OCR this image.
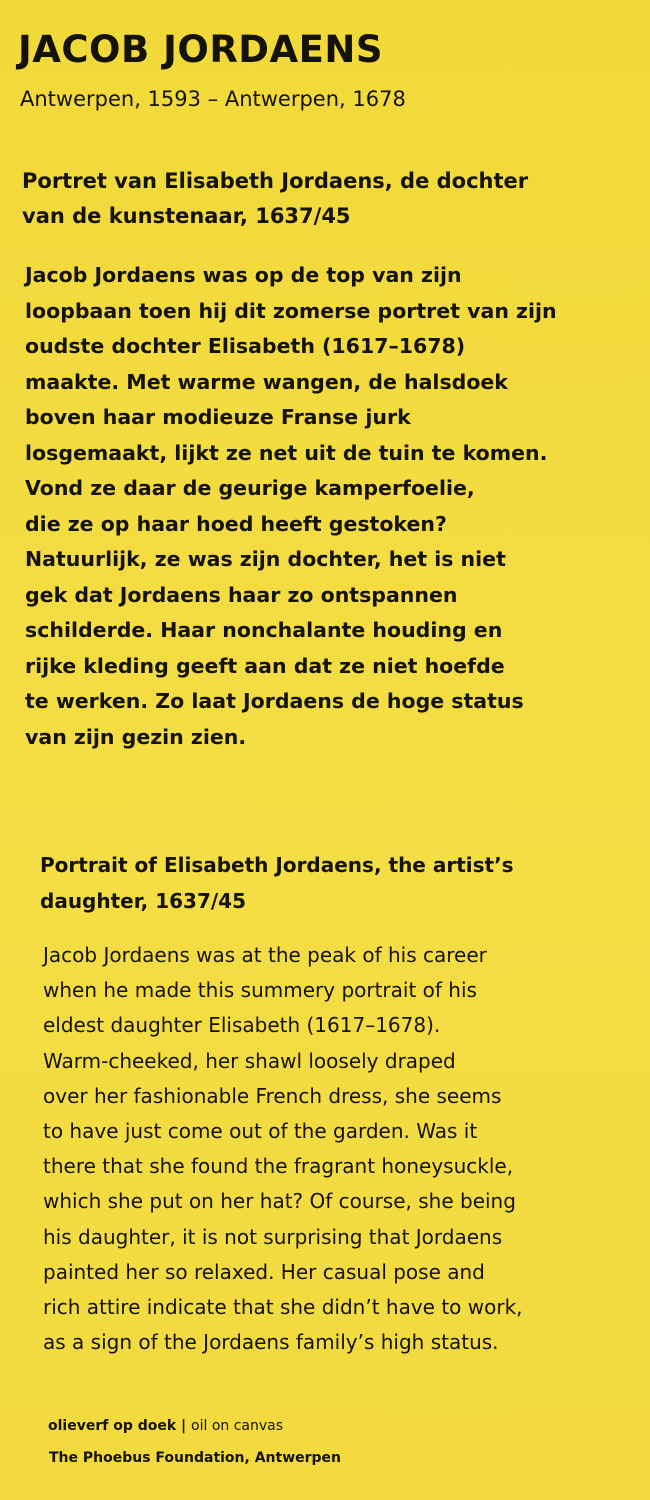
JACOB JORDAENS

Antwerpen, 1593 – Antwerpen, 1678

Portret van Elisabeth Jordaens, de dochter
van de kunstenaar, 1637/45

Jacob Jordaens was op de top van zijn
loopbaan toen hij dit zomerse portret van zijn
oudste dochter Elisabeth (1617–1678)
maakte. Met warme wangen, de halsdoek
boven haar modieuze Franse jurk
losgemaakt, lijkt ze net uit de tuin te komen.
Vond ze daar de geurige kamperfoelie,
die ze op haar hoed heeft gestoken?
Natuurlijk, ze was zijn dochter, het is niet
gek dat Jordaens haar zo ontspannen
schilderde. Haar nonchalante houding en
rijke kleding geeft aan dat ze niet hoefde
te werken. Zo laat Jordaens de hoge status
van zijn gezin zien.

Portrait of Elisabeth Jordaens, the artist’s
daughter, 1637/45

Jacob Jordaens was at the peak of his career
when he made this summery portrait of his
eldest daughter Elisabeth (1617–1678).
Warm-cheeked, her shawl loosely draped
over her fashionable French dress, she seems
to have just come out of the garden. Was it
there that she found the fragrant honeysuckle,
which she put on her hat? Of course, she being
his daughter, it is not surprising that Jordaens
painted her so relaxed. Her casual pose and
rich attire indicate that she didn’t have to work,
as a sign of the Jordaens family’s high status.

olieverf op doek | oil on canvas

The Phoebus Foundation, Antwerpen
